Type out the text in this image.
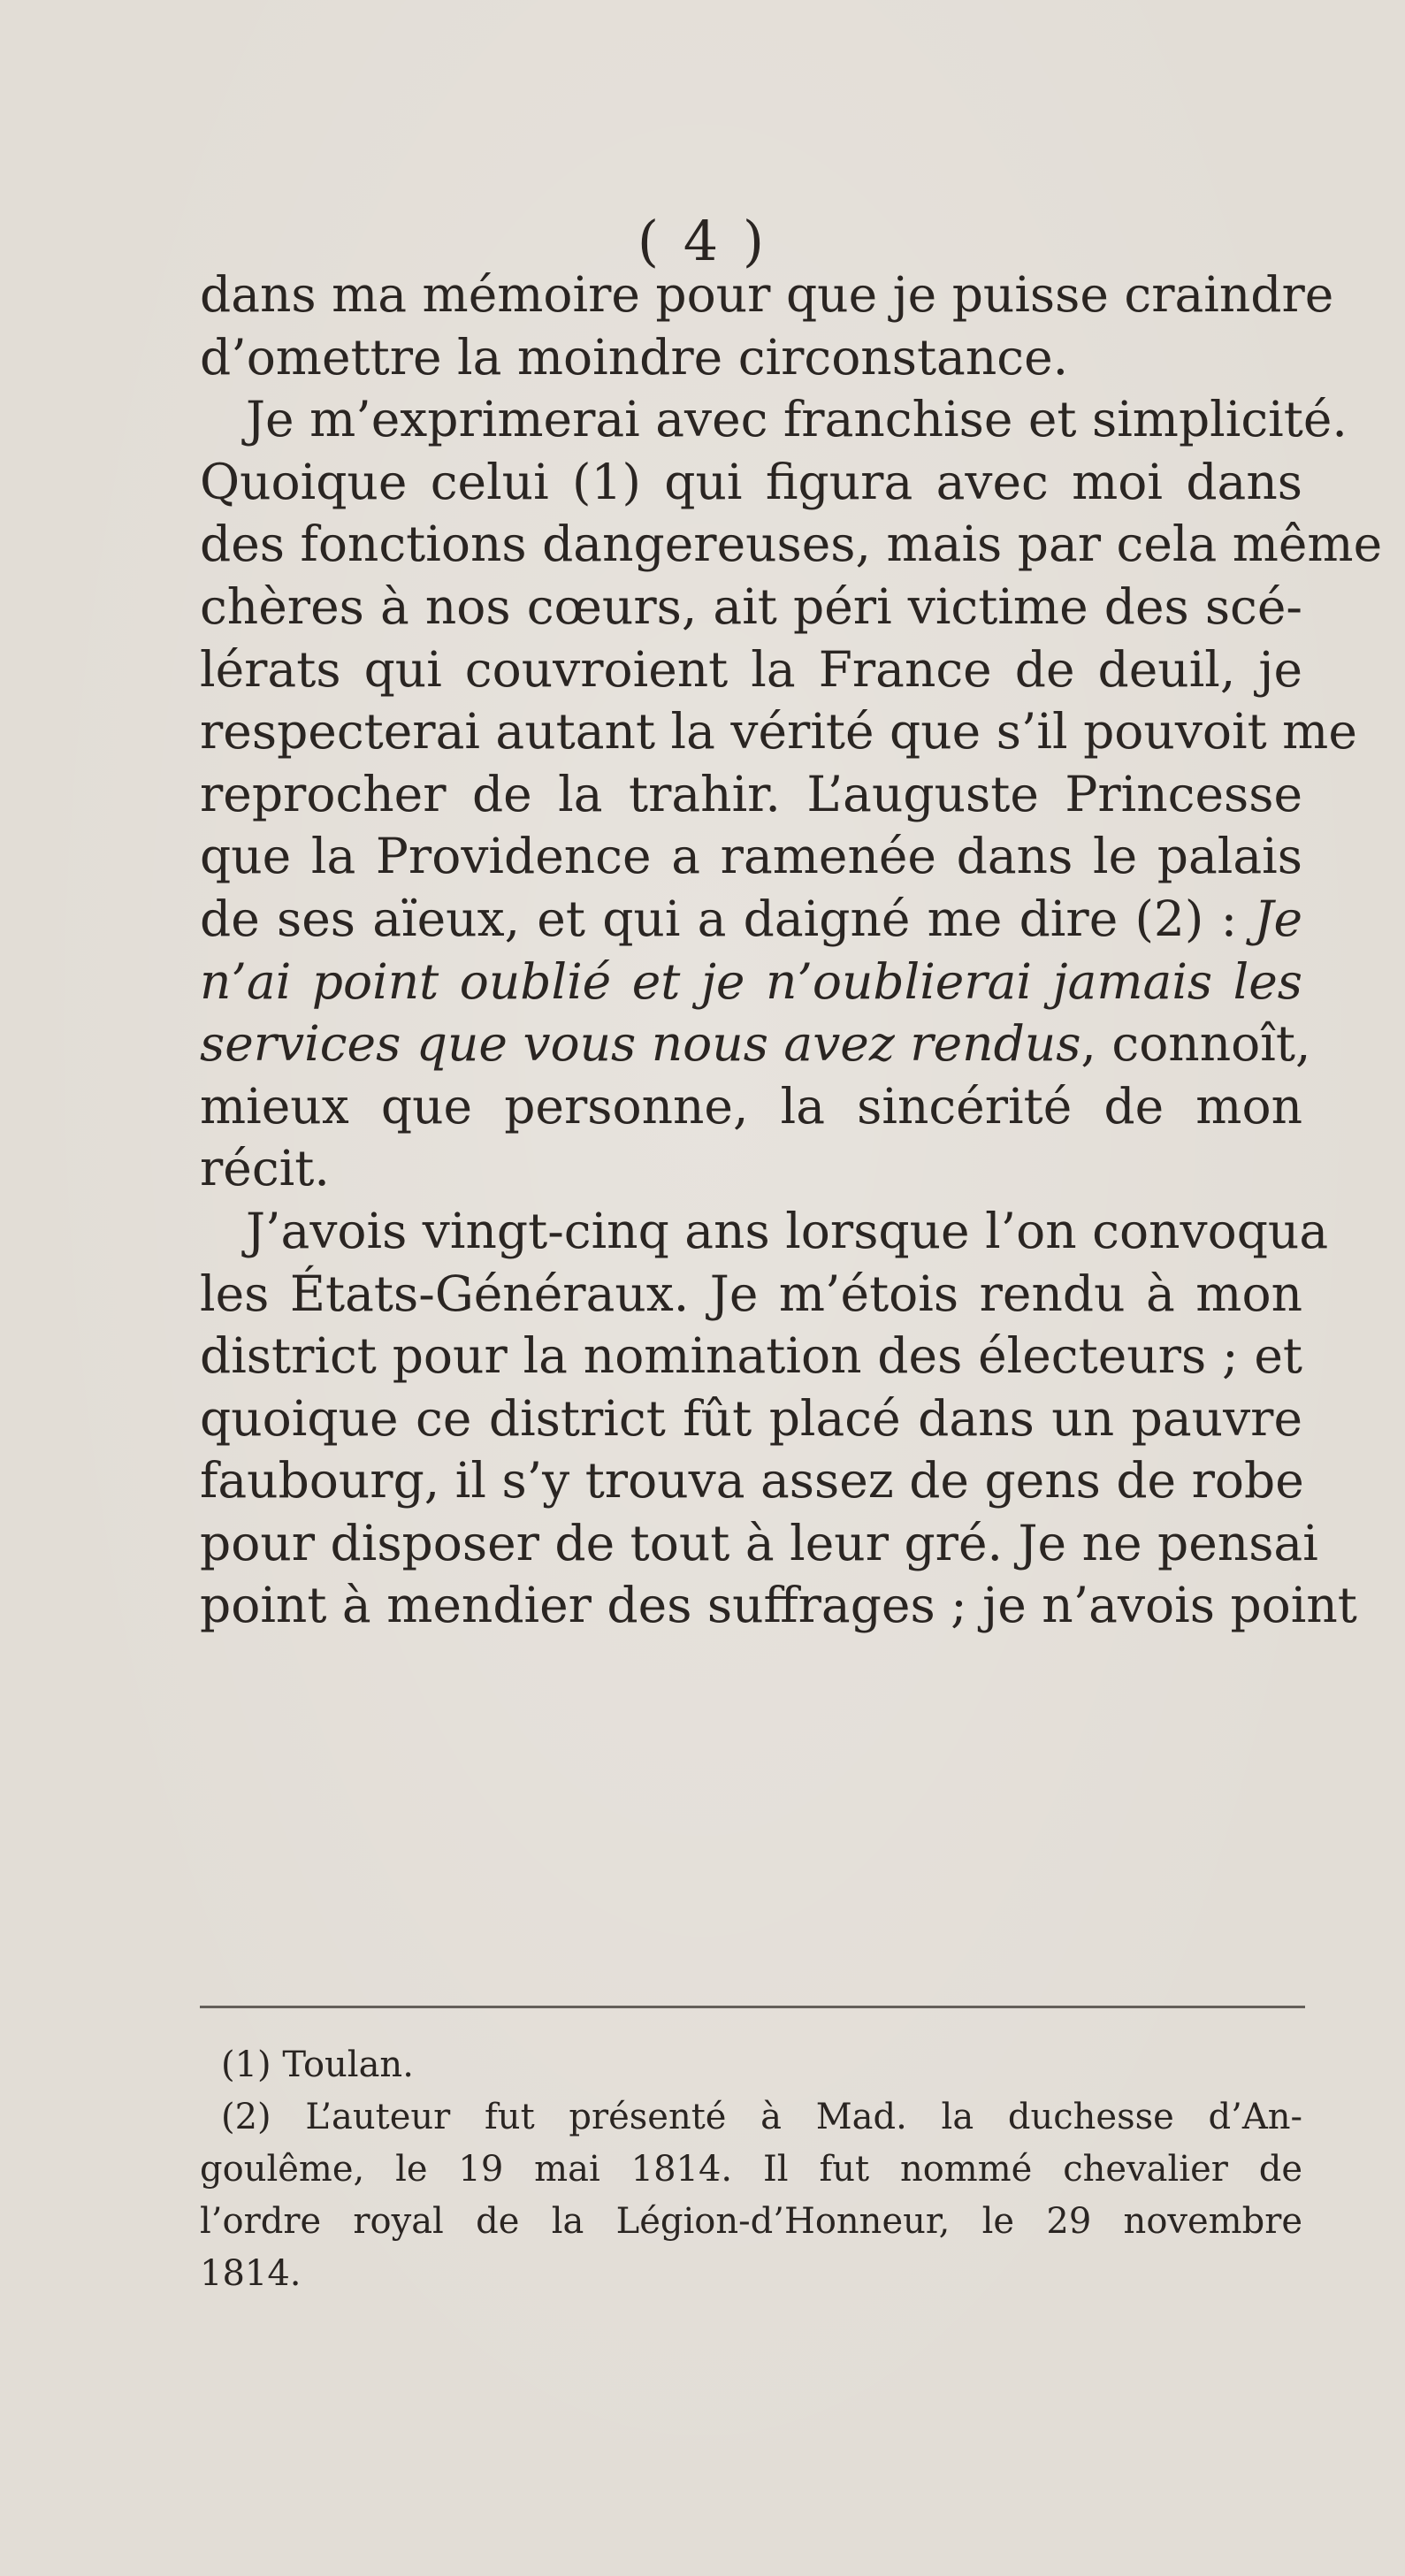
( 4 )
dans ma mémoire pour que je puisse craindre
d’omettre la moindre circonstance.
Je m’exprimerai avec franchise et simplicité.
Quoique celui (1) qui figura avec moi dans
des fonctions dangereuses, mais par cela même
chères à nos cœurs, ait péri victime des scé-
lérats qui couvroient la France de deuil, je
respecterai autant la vérité que s’il pouvoit me
reprocher de la trahir. L’auguste Princesse
que la Providence a ramenée dans le palais
de ses aïeux, et qui a daigné me dire (2) : Je
n’ai point oublié et je n’oublierai jamais les
services que vous nous avez rendus, connoît,
mieux que personne, la sincérité de mon
récit.
J’avois vingt-cinq ans lorsque l’on convoqua
les États-Généraux. Je m’étois rendu à mon
district pour la nomination des électeurs ; et
quoique ce district fût placé dans un pauvre
faubourg, il s’y trouva assez de gens de robe
pour disposer de tout à leur gré. Je ne pensai
point à mendier des suffrages ; je n’avois point
(1) Toulan.
(2) L’auteur fut présenté à Mad. la duchesse d’An-
goulême, le 19 mai 1814. Il fut nommé chevalier de
l’ordre royal de la Légion-d’Honneur, le 29 novembre
1814.
